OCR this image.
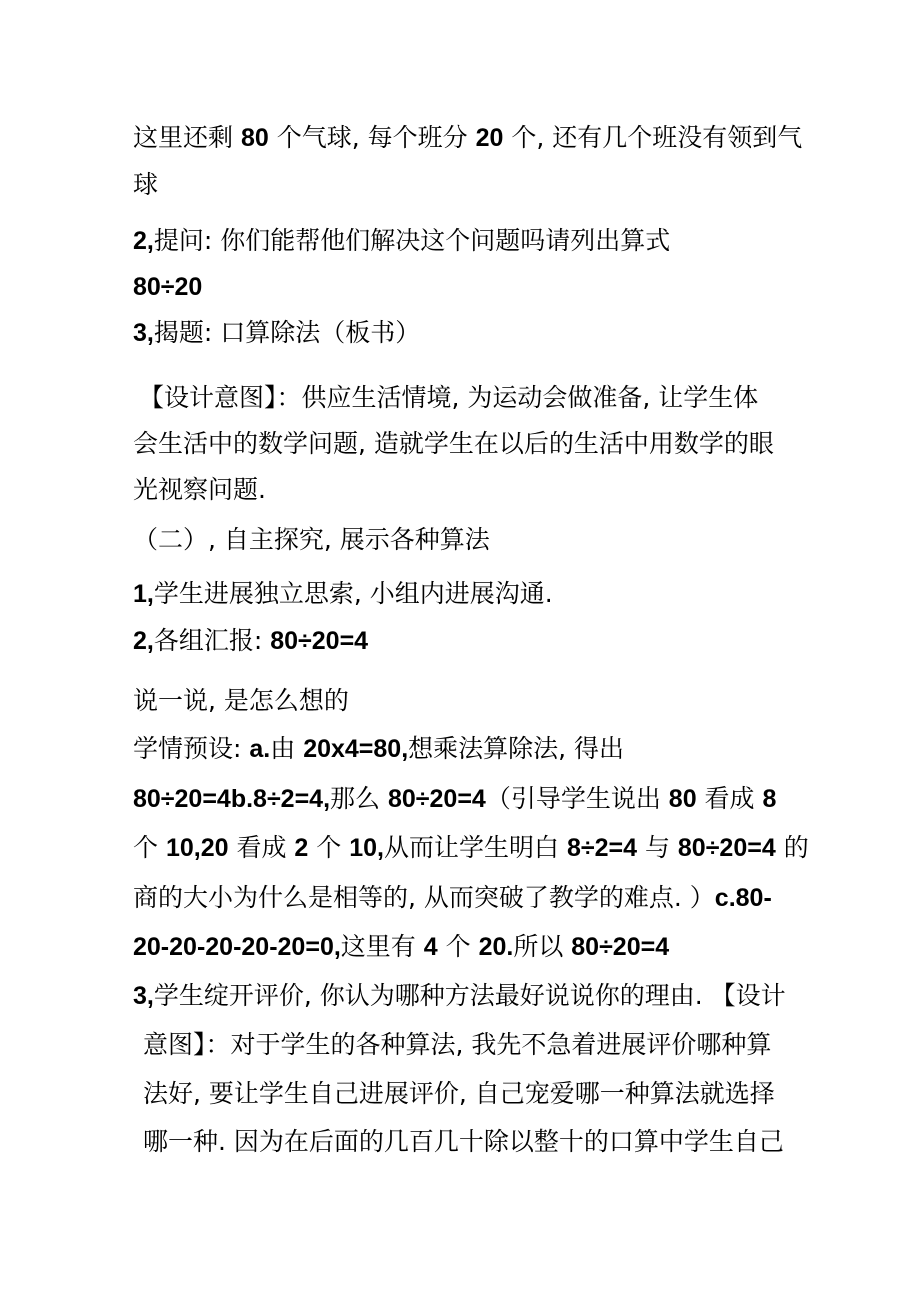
这里还剩 80 个气球, 每个班分 20 个, 还有几个班没有领到气
球
2,提问: 你们能帮他们解决这个问题吗请列出算式
80÷20
3,揭题: 口算除法（板书）
【设计意图】：供应生活情境, 为运动会做准备, 让学生体
会生活中的数学问题, 造就学生在以后的生活中用数学的眼
光视察问题.
（二）, 自主探究, 展示各种算法
1,学生进展独立思索, 小组内进展沟通.
2,各组汇报: 80÷20=4
说一说, 是怎么想的
学情预设: a.由 20x4=80,想乘法算除法, 得出
80÷20=4b.8÷2=4,那么 80÷20=4（引导学生说出 80 看成 8
个 10,20 看成 2 个 10,从而让学生明白 8÷2=4 与 80÷20=4 的
商的大小为什么是相等的, 从而突破了教学的难点. ）c.80-
20-20-20-20-20=0,这里有 4 个 20.所以 80÷20=4
3,学生绽开评价, 你认为哪种方法最好说说你的理由. 【设计
意图】：对于学生的各种算法, 我先不急着进展评价哪种算
法好, 要让学生自己进展评价, 自己宠爱哪一种算法就选择
哪一种. 因为在后面的几百几十除以整十的口算中学生自己
